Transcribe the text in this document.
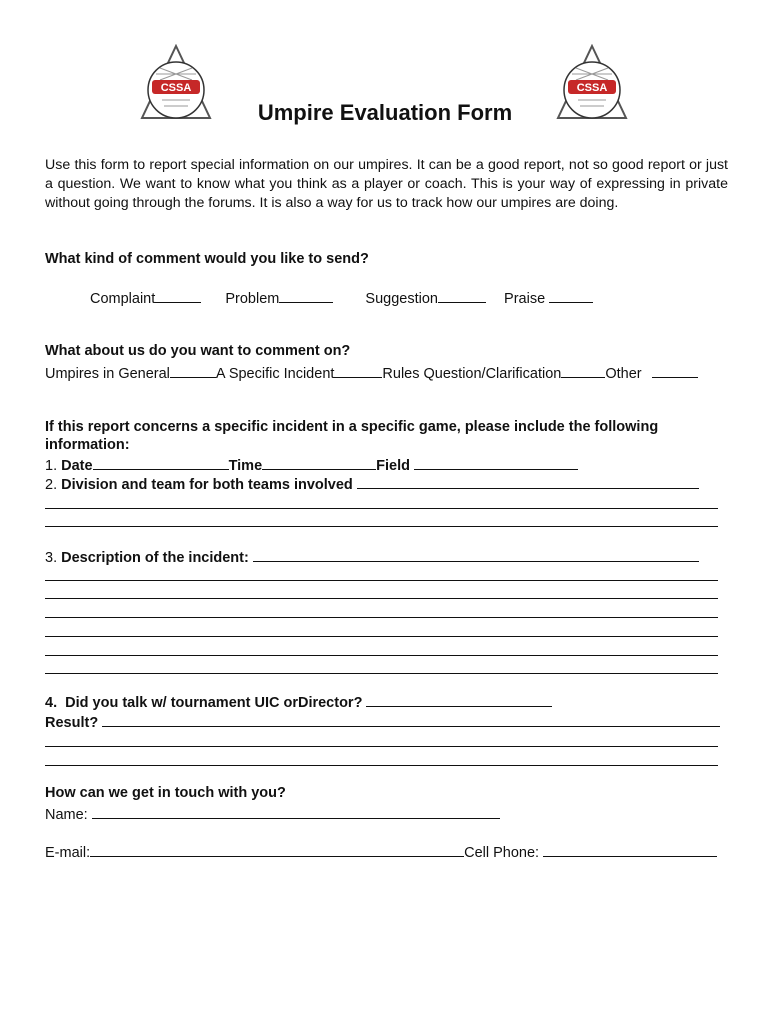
CSSA	CSSA
Umpire Evaluation Form
Use this form to report special information on our umpires. It can be a good report, not so good report or just a question. We want to know what you think as a player or coach. This is your way of expressing in private without going through the forums. It is also a way for us to track how our umpires are doing.
What kind of comment would you like to send?
Complaint	Problem	Suggestion	Praise
What about us do you want to comment on?
Umpires in General	A Specific Incident	Rules Question/Clarification	Other
If this report concerns a specific incident in a specific game, please include the following information:
1. Date	Time	Field
2. Division and team for both teams involved
3. Description of the incident:
4. Did you talk w/ tournament UIC orDirector?
Result?
How can we get in touch with you?
Name:
E-mail:	Cell Phone:
